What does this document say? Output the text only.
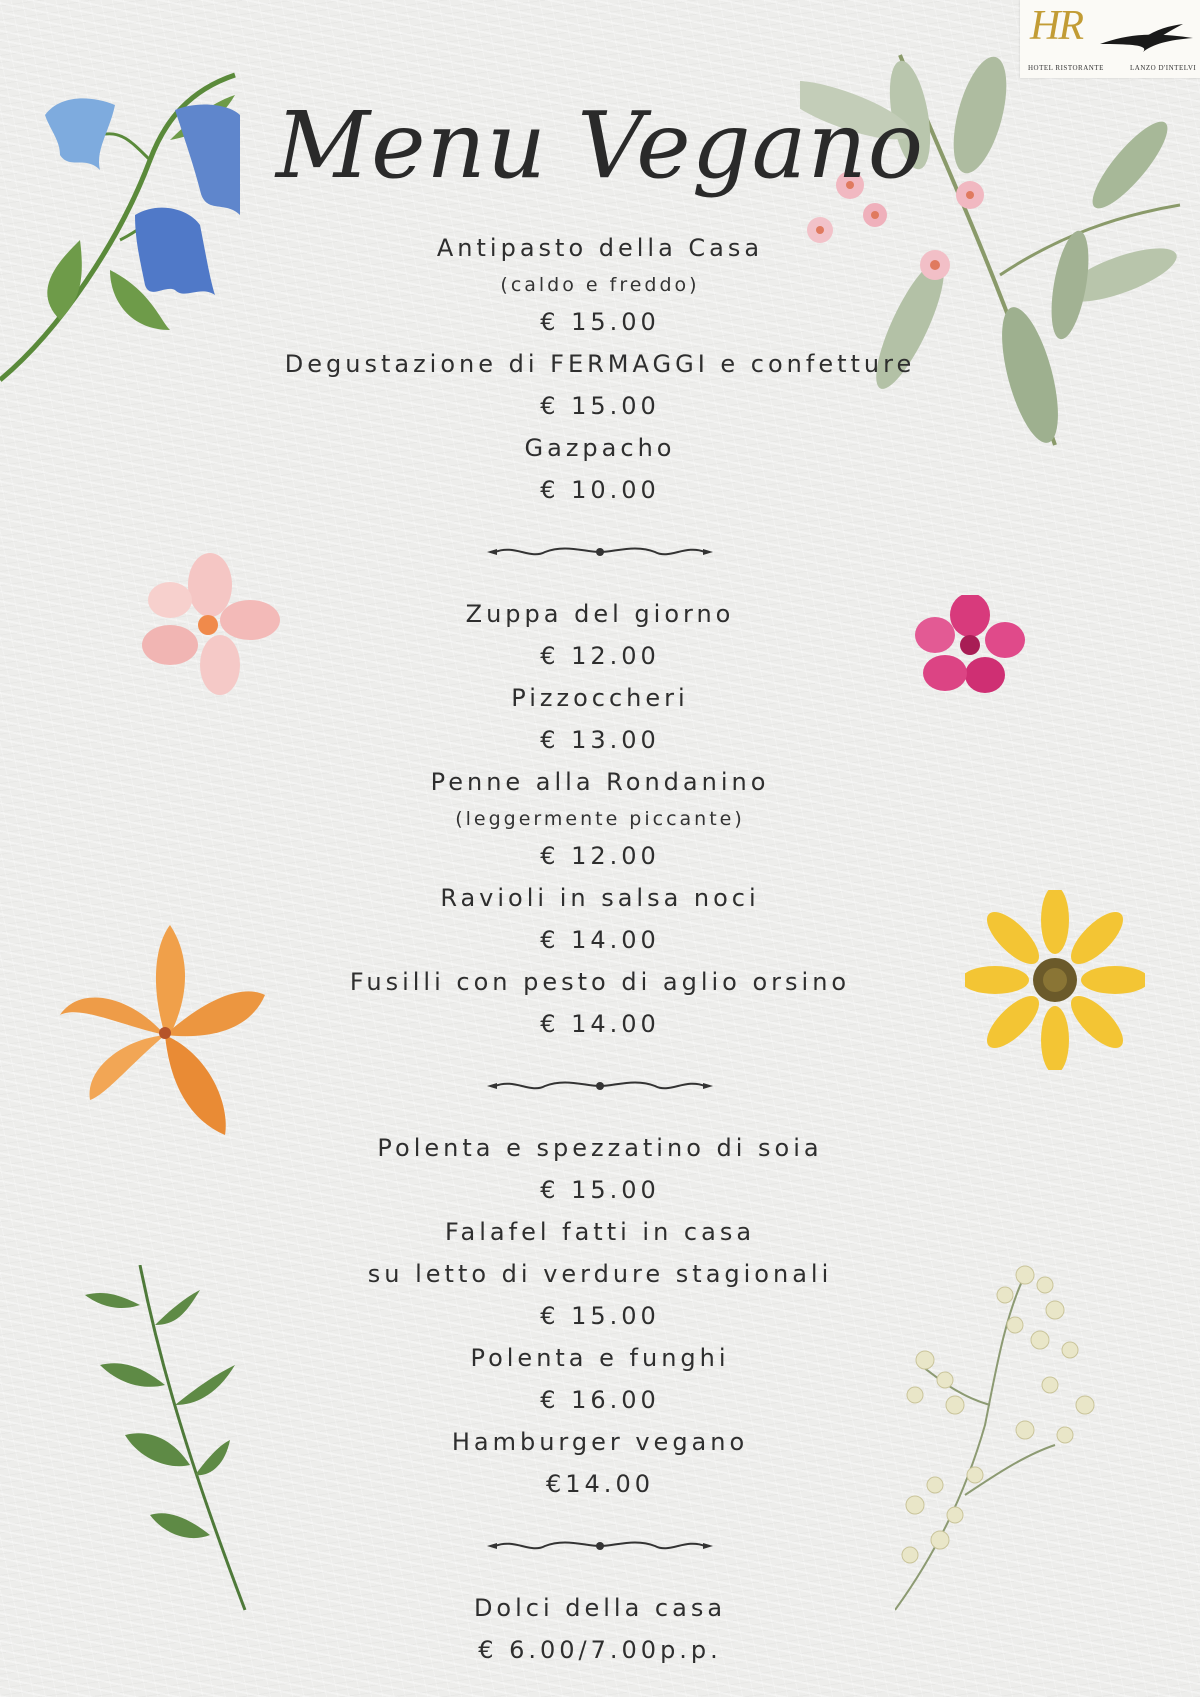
HR
HOTEL RISTORANTE	LANZO D'INTELVI
Menu Vegano
Antipasto della Casa
(caldo e freddo)
€ 15.00
Degustazione di FERMAGGI e confetture
€ 15.00
Gazpacho
€ 10.00
Zuppa del giorno
€ 12.00
Pizzoccheri
€ 13.00
Penne alla Rondanino
(leggermente piccante)
€ 12.00
Ravioli in salsa noci
€ 14.00
Fusilli con pesto di aglio orsino
€ 14.00
Polenta e spezzatino di soia
€ 15.00
Falafel fatti in casa
su letto di verdure stagionali
€ 15.00
Polenta e funghi
€ 16.00
Hamburger vegano
€14.00
Dolci della casa
€ 6.00/7.00p.p.
